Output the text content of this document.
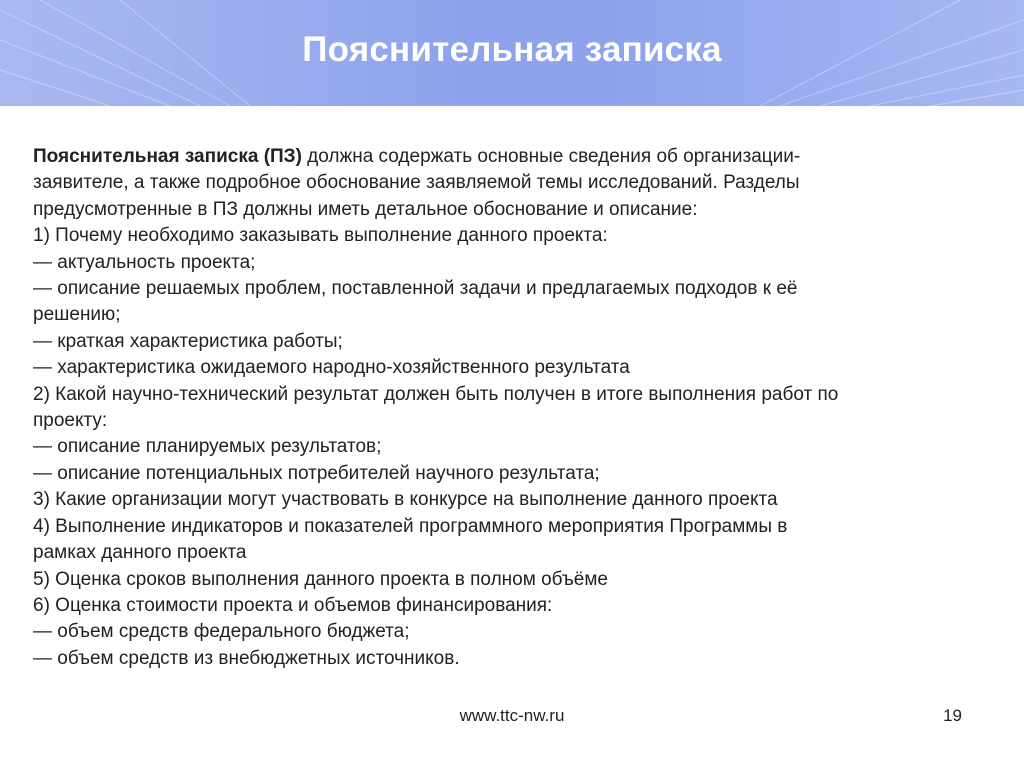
Пояснительная записка
Пояснительная записка (ПЗ) должна содержать основные сведения об организации-
заявителе, а также подробное обоснование заявляемой темы исследований. Разделы
предусмотренные в ПЗ должны иметь детальное обоснование и описание:
1) Почему необходимо заказывать выполнение данного проекта:
— актуальность проекта;
— описание решаемых проблем, поставленной задачи и предлагаемых подходов к её
решению;
— краткая характеристика работы;
— характеристика ожидаемого народно-хозяйственного результата
2) Какой научно-технический результат должен быть получен в итоге выполнения работ по
проекту:
— описание планируемых результатов;
— описание потенциальных потребителей научного результата;
3) Какие организации могут участвовать в конкурсе на выполнение данного проекта
4) Выполнение индикаторов и показателей программного мероприятия Программы в
рамках данного проекта
5) Оценка сроков выполнения данного проекта в полном объёме
6) Оценка стоимости проекта и объемов финансирования:
— объем средств федерального бюджета;
— объем средств из внебюджетных источников.
www.ttc-nw.ru	19
